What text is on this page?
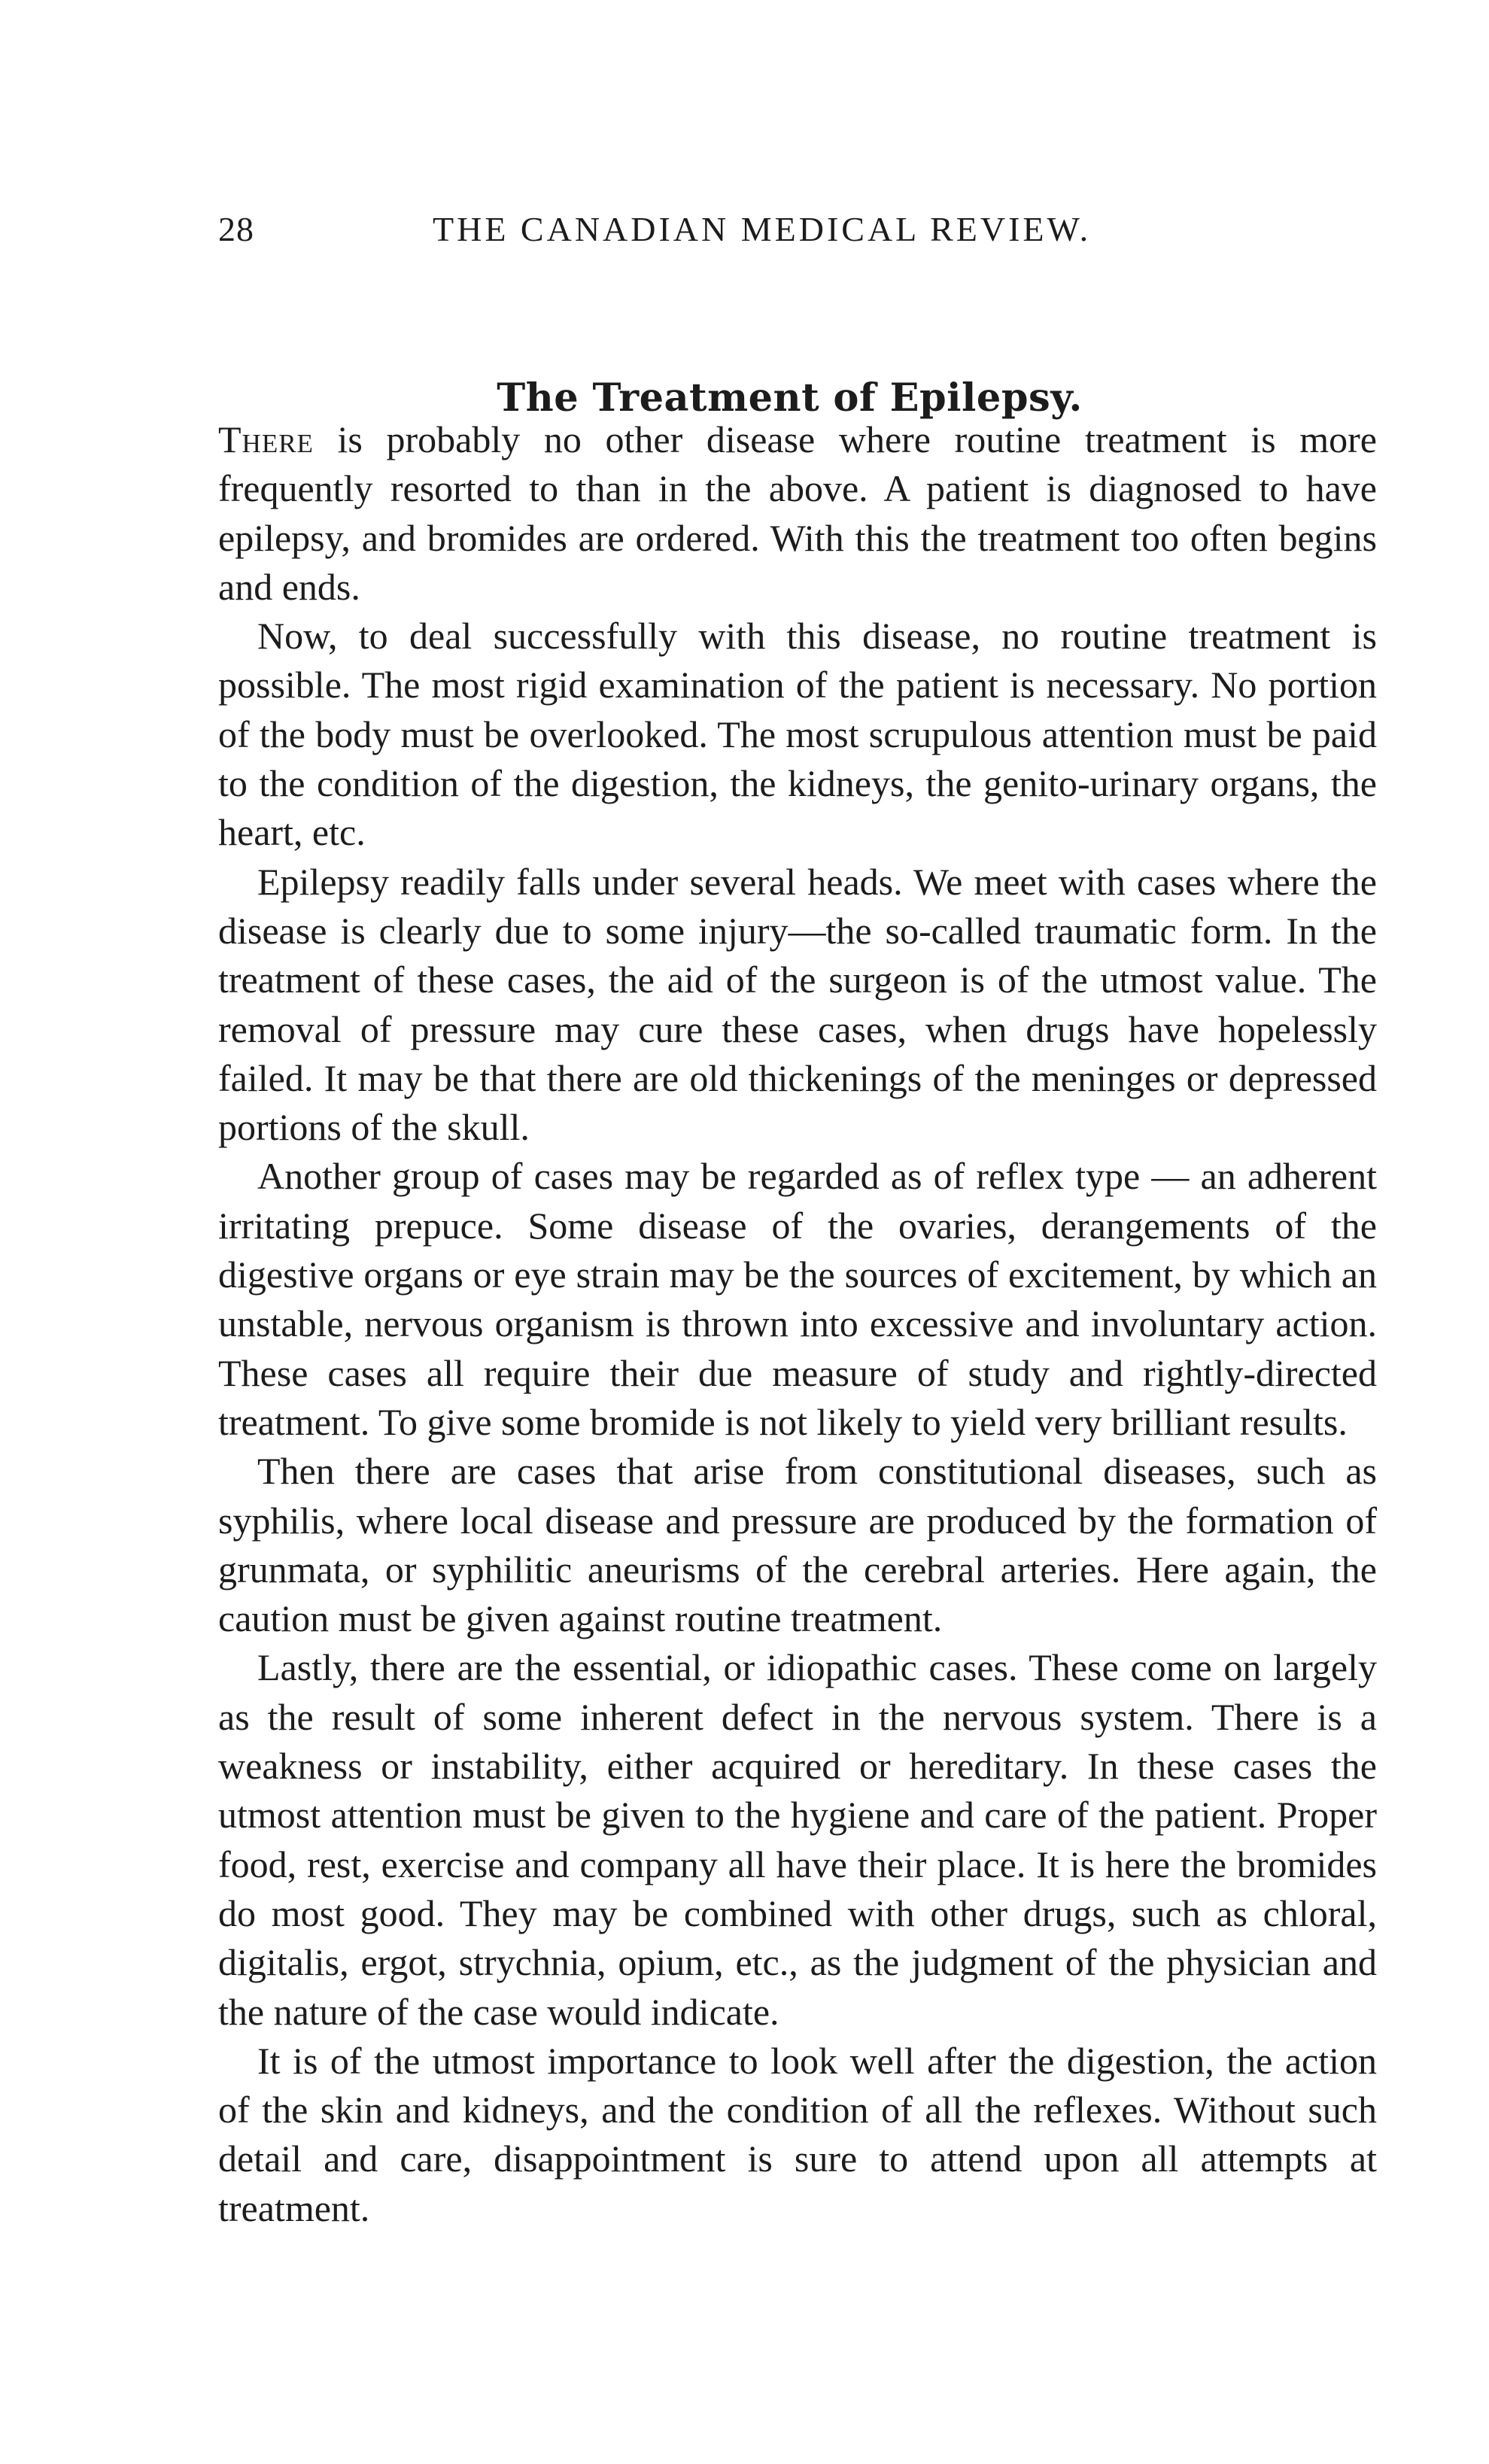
28	THE CANADIAN MEDICAL REVIEW.
The Treatment of Epilepsy.

There is probably no other disease where routine treatment is more frequently resorted to than in the above. A patient is diagnosed to have epilepsy, and bromides are ordered. With this the treatment too often begins and ends.

Now, to deal successfully with this disease, no routine treatment is possible. The most rigid examination of the patient is necessary. No portion of the body must be overlooked. The most scrupulous attention must be paid to the condition of the digestion, the kidneys, the genito-urinary organs, the heart, etc.

Epilepsy readily falls under several heads. We meet with cases where the disease is clearly due to some injury—the so-called traumatic form. In the treatment of these cases, the aid of the surgeon is of the utmost value. The removal of pressure may cure these cases, when drugs have hopelessly failed. It may be that there are old thickenings of the meninges or depressed portions of the skull.

Another group of cases may be regarded as of reflex type — an adherent irritating prepuce. Some disease of the ovaries, derangements of the digestive organs or eye strain may be the sources of excitement, by which an unstable, nervous organism is thrown into excessive and involuntary action. These cases all require their due measure of study and rightly-directed treatment. To give some bromide is not likely to yield very brilliant results.

Then there are cases that arise from constitutional diseases, such as syphilis, where local disease and pressure are produced by the formation of grunmata, or syphilitic aneurisms of the cerebral arteries. Here again, the caution must be given against routine treatment.

Lastly, there are the essential, or idiopathic cases. These come on largely as the result of some inherent defect in the nervous system. There is a weakness or instability, either acquired or hereditary. In these cases the utmost attention must be given to the hygiene and care of the patient. Proper food, rest, exercise and company all have their place. It is here the bromides do most good. They may be combined with other drugs, such as chloral, digitalis, ergot, strychnia, opium, etc., as the judgment of the physician and the nature of the case would indicate.

It is of the utmost importance to look well after the digestion, the action of the skin and kidneys, and the condition of all the reflexes. Without such detail and care, disappointment is sure to attend upon all attempts at treatment.
